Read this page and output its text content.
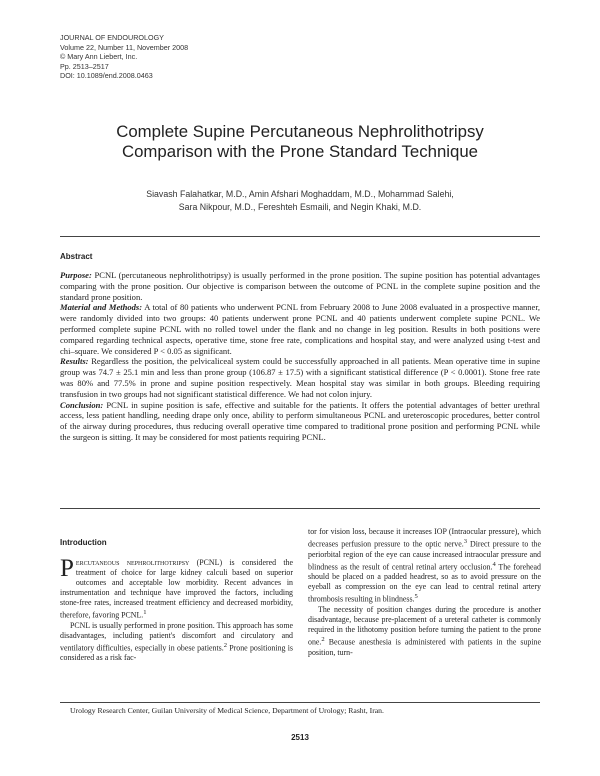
JOURNAL OF ENDOUROLOGY
Volume 22, Number 11, November 2008
© Mary Ann Liebert, Inc.
Pp. 2513–2517
DOI: 10.1089/end.2008.0463
Complete Supine Percutaneous Nephrolithotripsy
Comparison with the Prone Standard Technique
Siavash Falahatkar, M.D., Amin Afshari Moghaddam, M.D., Mohammad Salehi,
Sara Nikpour, M.D., Fereshteh Esmaili, and Negin Khaki, M.D.
Abstract

Purpose: PCNL (percutaneous nephrolithotripsy) is usually performed in the prone position. The supine position has potential advantages comparing with the prone position. Our objective is comparison between the outcome of PCNL in the complete supine position and the standard prone position.

Material and Methods: A total of 80 patients who underwent PCNL from February 2008 to June 2008 evaluated in a prospective manner, were randomly divided into two groups: 40 patients underwent prone PCNL and 40 patients underwent complete supine PCNL. We performed complete supine PCNL with no rolled towel under the flank and no change in leg position. Results in both positions were compared regarding technical aspects, operative time, stone free rate, complications and hospital stay, and were analyzed using t-test and chi–square. We considered P < 0.05 as significant.

Results: Regardless the position, the pelvicaliceal system could be successfully approached in all patients. Mean operative time in supine group was 74.7 ± 25.1 min and less than prone group (106.87 ± 17.5) with a significant statistical difference (P < 0.0001). Stone free rate was 80% and 77.5% in prone and supine position respectively. Mean hospital stay was similar in both groups. Bleeding requiring transfusion in two groups had not significant statistical difference. We had not colon injury.

Conclusion: PCNL in supine position is safe, effective and suitable for the patients. It offers the potential advantages of better urethral access, less patient handling, needing drape only once, ability to perform simultaneous PCNL and ureteroscopic procedures, better control of the airway during procedures, thus reducing overall operative time compared to traditional prone position and performing PCNL while the surgeon is sitting. It may be considered for most patients requiring PCNL.

Introduction

Percutaneous nephrolithotripsy (PCNL) is considered the treatment of choice for large kidney calculi based on superior outcomes and acceptable low morbidity. Recent advances in instrumentation and technique have improved the factors, including stone-free rates, increased treatment efficiency and decreased morbidity, therefore, favoring PCNL.$^1$

PCNL is usually performed in prone position. This approach has some disadvantages, including patient's discomfort and circulatory and ventilatory difficulties, especially in obese patients.$^2$ Prone positioning is considered as a risk fac-

tor for vision loss, because it increases IOP (Intraocular pressure), which decreases perfusion pressure to the optic nerve.$^3$ Direct pressure to the periorbital region of the eye can cause increased intraocular pressure and blindness as the result of central retinal artery occlusion.$^4$ The forehead should be placed on a padded headrest, so as to avoid pressure on the eyeball as compression on the eye can lead to central retinal artery thrombosis resulting in blindness.$^5$

The necessity of position changes during the procedure is another disadvantage, because pre-placement of a ureteral catheter is commonly required in the lithotomy position before turning the patient to the prone one.$^2$ Because anesthesia is administered with patients in the supine position, turn-

Urology Research Center, Guilan University of Medical Science, Department of Urology; Rasht, Iran.
2513
